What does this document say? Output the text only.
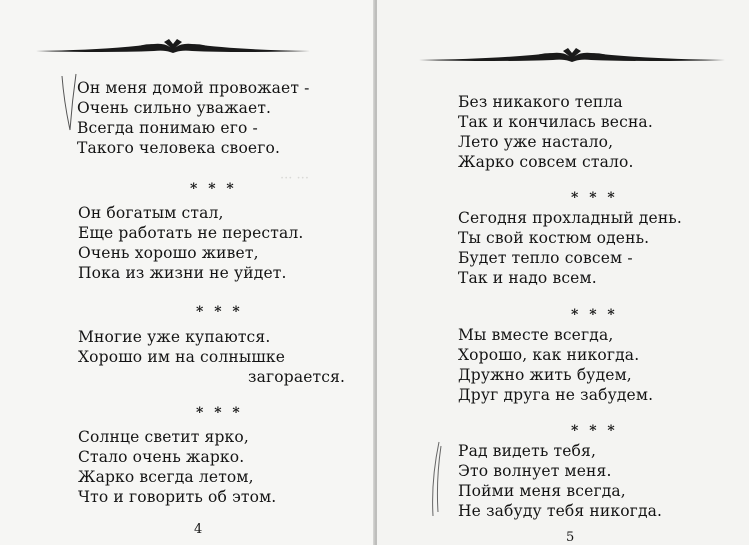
··· ···
Он меня домой провожает -
Очень сильно уважает.
Всегда понимаю его -
Такого человека своего.
* * *
Он богатым стал,
Еще работать не перестал.
Очень хорошо живет,
Пока из жизни не уйдет.
* * *
Многие уже купаются.
Хорошо им на солнышке
загорается.
* * *
Солнце светит ярко,
Стало очень жарко.
Жарко всегда летом,
Что и говорить об этом.
4
Без никакого тепла
Так и кончилась весна.
Лето уже настало,
Жарко совсем стало.
* * *
Сегодня прохладный день.
Ты свой костюм одень.
Будет тепло совсем -
Так и надо всем.
* * *
Мы вместе всегда,
Хорошо, как никогда.
Дружно жить будем,
Друг друга не забудем.
* * *
Рад видеть тебя,
Это волнует меня.
Пойми меня всегда,
Не забуду тебя никогда.
5
